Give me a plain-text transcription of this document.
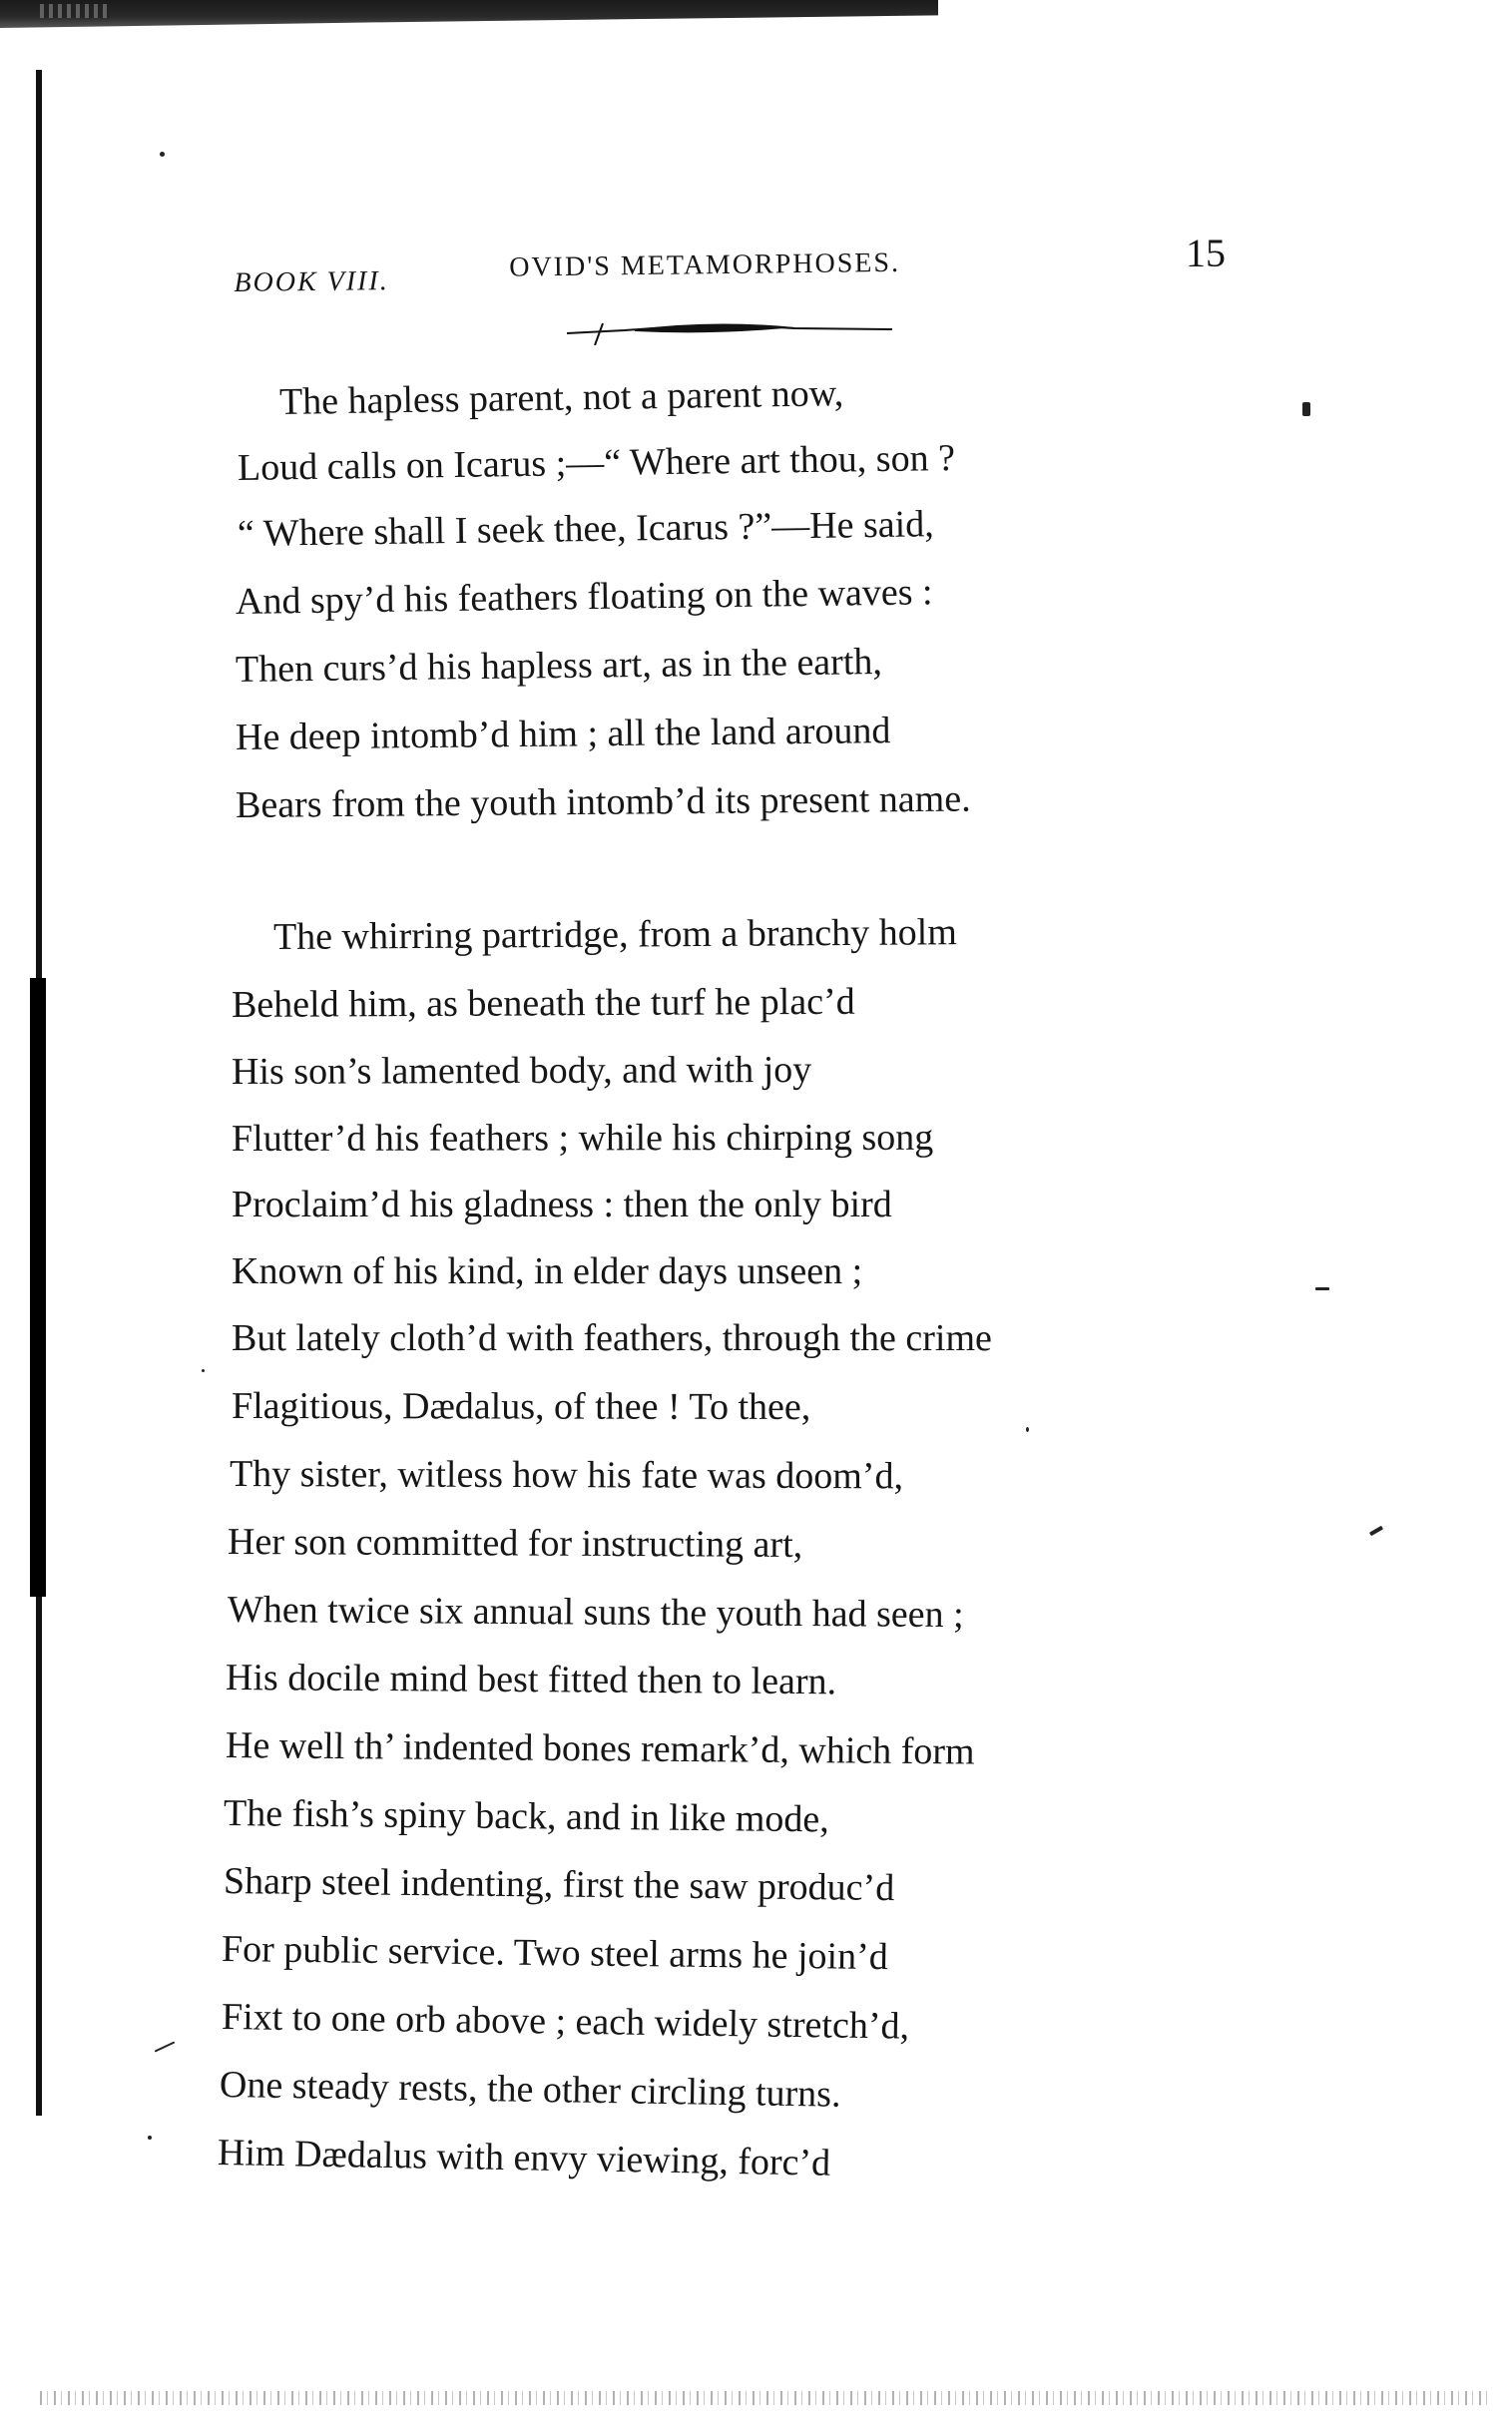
BOOK VIII.	OVID'S METAMORPHOSES.	15
The hapless parent, not a parent now,
Loud calls on Icarus ;—“ Where art thou, son ?
“ Where shall I seek thee, Icarus ?”—He said,
And spy’d his feathers floating on the waves :
Then curs’d his hapless art, as in the earth,
He deep intomb’d him ; all the land around
Bears from the youth intomb’d its present name.
The whirring partridge, from a branchy holm
Beheld him, as beneath the turf he plac’d
His son’s lamented body, and with joy
Flutter’d his feathers ; while his chirping song
Proclaim’d his gladness : then the only bird
Known of his kind, in elder days unseen ;
But lately cloth’d with feathers, through the crime
Flagitious, Dædalus, of thee ! To thee,
Thy sister, witless how his fate was doom’d,
Her son committed for instructing art,
When twice six annual suns the youth had seen ;
His docile mind best fitted then to learn.
He well th’ indented bones remark’d, which form
The fish’s spiny back, and in like mode,
Sharp steel indenting, first the saw produc’d
For public service. Two steel arms he join’d
Fixt to one orb above ; each widely stretch’d,
One steady rests, the other circling turns.
Him Dædalus with envy viewing, forc’d
